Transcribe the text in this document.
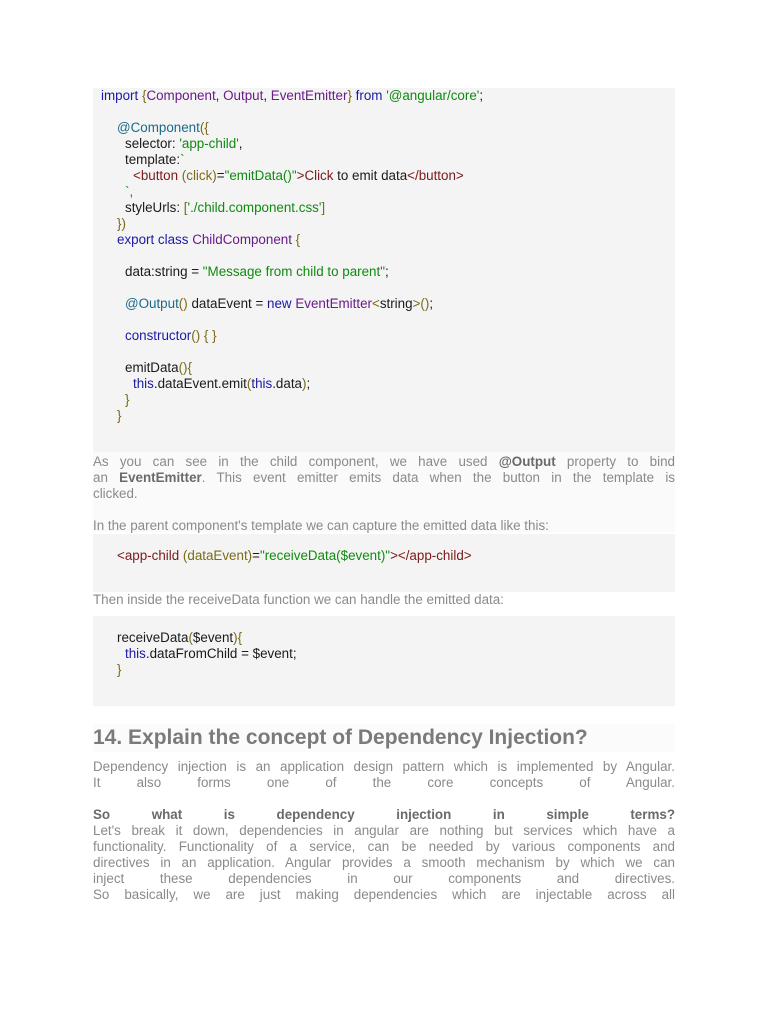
import {Component, Output, EventEmitter} from '@angular/core';
@Component({
selector: 'app-child',
template:`
<button (click)="emitData()">Click to emit data</button>
`,
styleUrls: ['./child.component.css']
})
export class ChildComponent {
data:string = "Message from child to parent";
@Output() dataEvent = new EventEmitter<string>();
constructor() { }
emitData(){
this.dataEvent.emit(this.data);
}
}
As you can see in the child component, we have used @Output property to bind
an EventEmitter. This event emitter emits data when the button in the template is
clicked.
In the parent component's template we can capture the emitted data like this:
<app-child (dataEvent)="receiveData($event)"></app-child>
Then inside the receiveData function we can handle the emitted data:
receiveData($event){
this.dataFromChild = $event;
}
14. Explain the concept of Dependency Injection?
Dependency injection is an application design pattern which is implemented by Angular.
It also forms one of the core concepts of Angular.
So what is dependency injection in simple terms?
Let's break it down, dependencies in angular are nothing but services which have a
functionality. Functionality of a service, can be needed by various components and
directives in an application. Angular provides a smooth mechanism by which we can
inject these dependencies in our components and directives.
So basically, we are just making dependencies which are injectable across all
